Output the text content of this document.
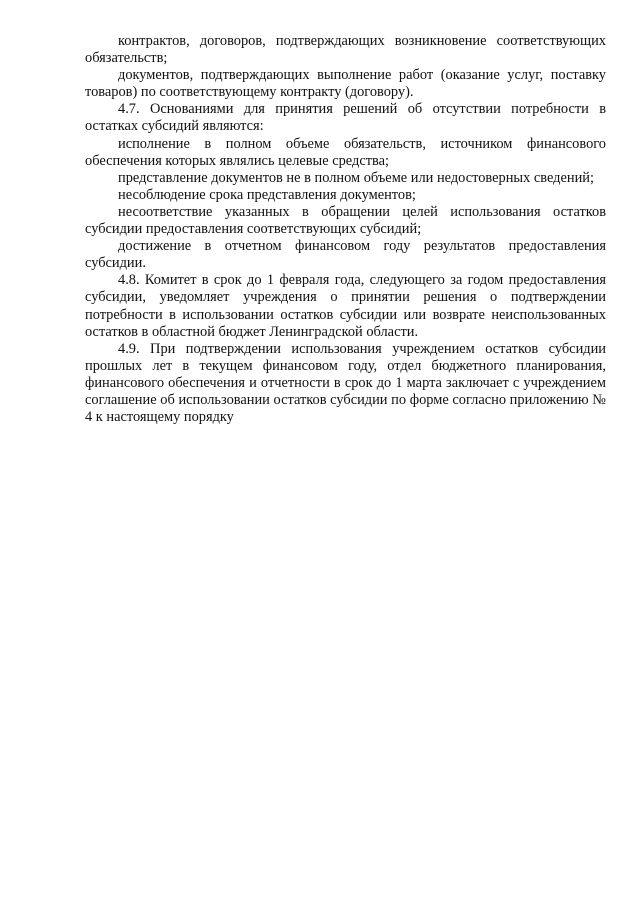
контрактов, договоров, подтверждающих возникновение соответствующих обязательств;

документов, подтверждающих выполнение работ (оказание услуг, поставку товаров) по соответствующему контракту (договору).

4.7. Основаниями для принятия решений об отсутствии потребности в остатках субсидий являются:

исполнение в полном объеме обязательств, источником финансового обеспечения которых являлись целевые средства;

представление документов не в полном объеме или недостоверных сведений;

несоблюдение срока представления документов;

несоответствие указанных в обращении целей использования остатков субсидии предоставления соответствующих субсидий;

достижение в отчетном финансовом году результатов предоставления субсидии.

4.8. Комитет в срок до 1 февраля года, следующего за годом предоставления субсидии, уведомляет учреждения о принятии решения о подтверждении потребности в использовании остатков субсидии или возврате неиспользованных остатков в областной бюджет Ленинградской области.

4.9. При подтверждении использования учреждением остатков субсидии прошлых лет в текущем финансовом году, отдел бюджетного планирования, финансового обеспечения и отчетности в срок до 1 марта заключает с учреждением соглашение об использовании остатков субсидии по форме согласно приложению № 4 к настоящему порядку
